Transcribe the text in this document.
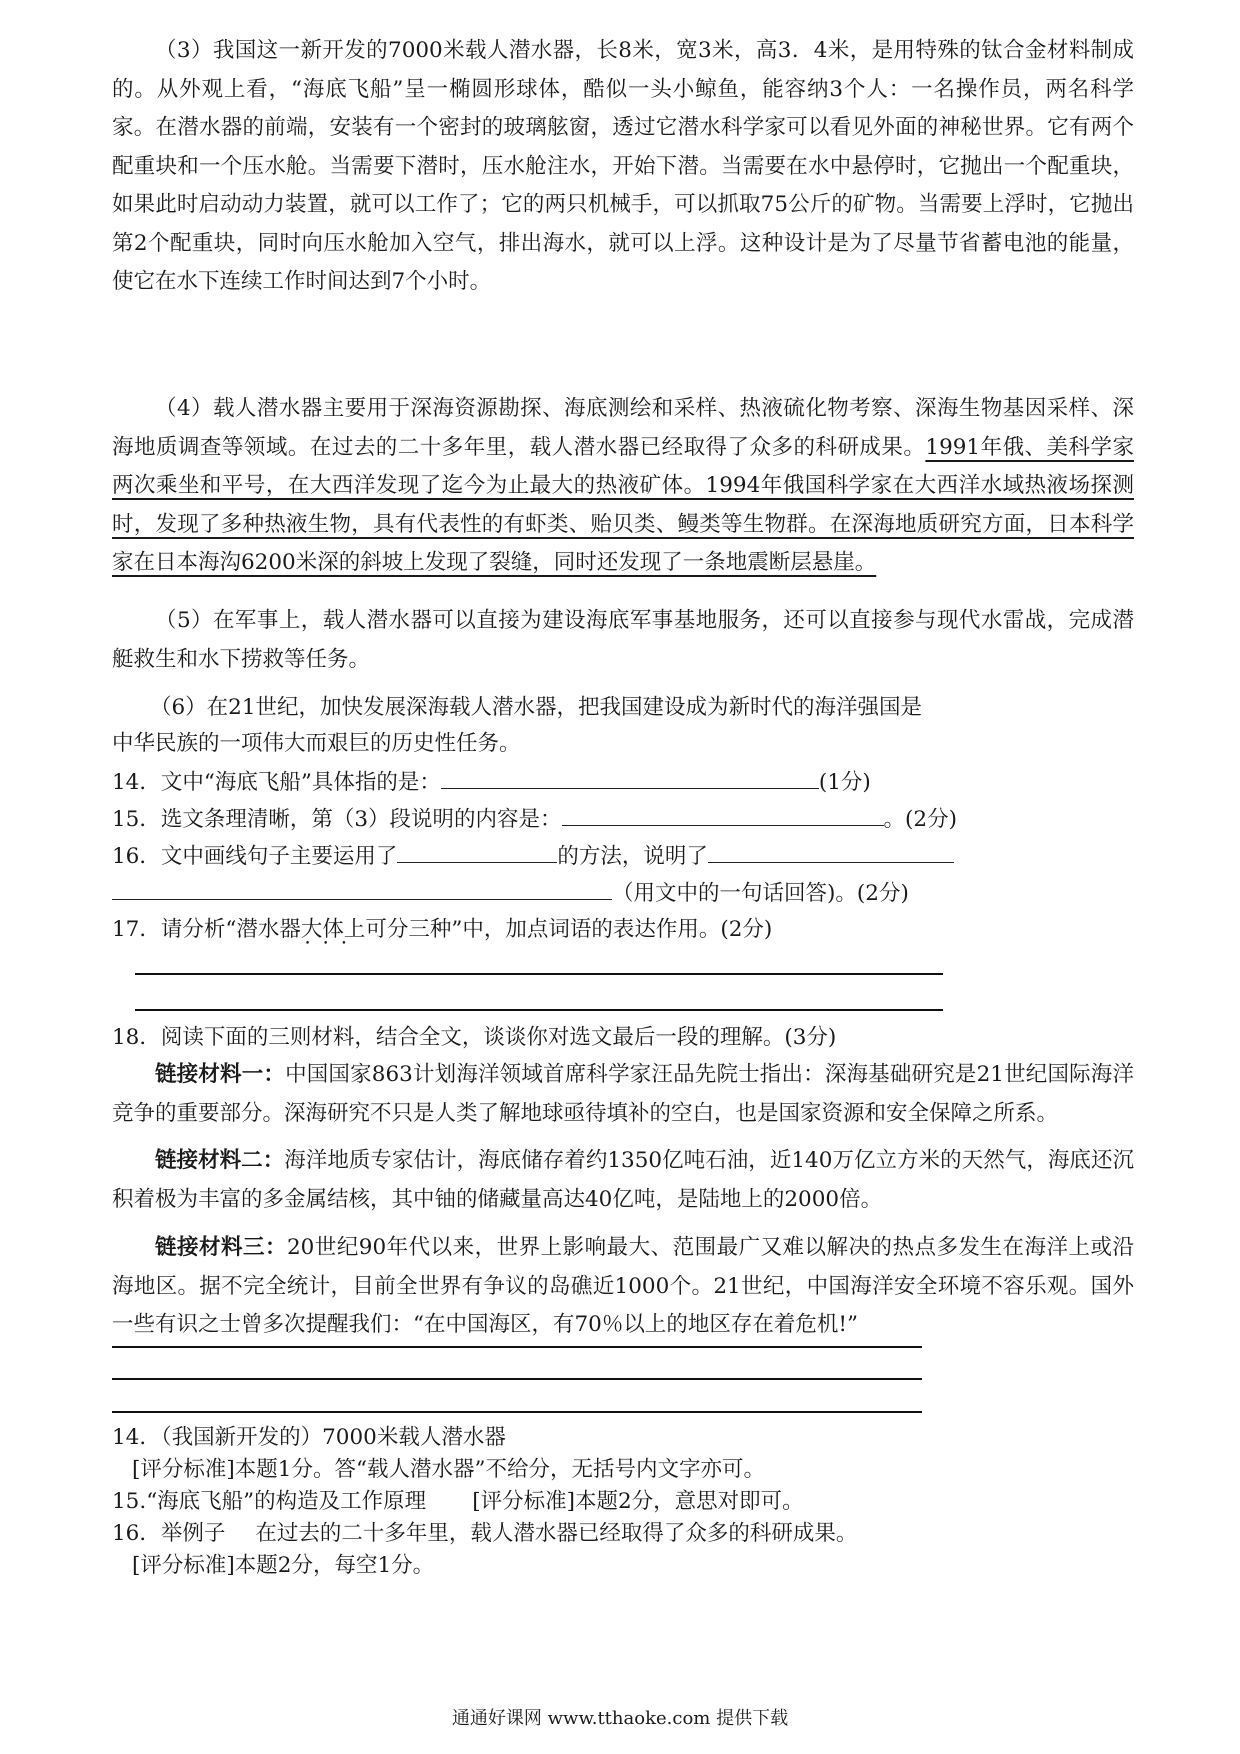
（3）我国这一新开发的7000米载人潜水器，长8米，宽3米，高3．4米，是用特殊的钛合金材料制成的。从外观上看，“海底飞船”呈一椭圆形球体，酷似一头小鲸鱼，能容纳3个人：一名操作员，两名科学家。在潜水器的前端，安装有一个密封的玻璃舷窗，透过它潜水科学家可以看见外面的神秘世界。它有两个配重块和一个压水舱。当需要下潜时，压水舱注水，开始下潜。当需要在水中悬停时，它抛出一个配重块，如果此时启动动力装置，就可以工作了；它的两只机械手，可以抓取75公斤的矿物。当需要上浮时，它抛出第2个配重块，同时向压水舱加入空气，排出海水，就可以上浮。这种设计是为了尽量节省蓄电池的能量，使它在水下连续工作时间达到7个小时。

（4）载人潜水器主要用于深海资源勘探、海底测绘和采样、热液硫化物考察、深海生物基因采样、深海地质调查等领域。在过去的二十多年里，载人潜水器已经取得了众多的科研成果。1991年俄、美科学家两次乘坐和平号，在大西洋发现了迄今为止最大的热液矿体。1994年俄国科学家在大西洋水域热液场探测时，发现了多种热液生物，具有代表性的有虾类、贻贝类、鳗类等生物群。在深海地质研究方面，日本科学家在日本海沟6200米深的斜坡上发现了裂缝，同时还发现了一条地震断层悬崖。

（5）在军事上，载人潜水器可以直接为建设海底军事基地服务，还可以直接参与现代水雷战，完成潜艇救生和水下捞救等任务。

（6）在21世纪，加快发展深海载人潜水器，把我国建设成为新时代的海洋强国是
中华民族的一项伟大而艰巨的历史性任务。
14．文中“海底飞船”具体指的是：	(1分)
15．选文条理清晰，第（3）段说明的内容是：	。(2分)
16．文中画线句子主要运用了	的方法，说明了
（用文中的一句话回答)。(2分)
17．请分析“潜水器大体上 • • •可分三种”中，加点词语的表达作用。(2分)
18．阅读下面的三则材料，结合全文，谈谈你对选文最后一段的理解。(3分)

链接材料一：中国国家863计划海洋领域首席科学家汪品先院士指出：深海基础研究是21世纪国际海洋竞争的重要部分。深海研究不只是人类了解地球亟待填补的空白，也是国家资源和安全保障之所系。

链接材料二：海洋地质专家估计，海底储存着约1350亿吨石油，近140万亿立方米的天然气，海底还沉积着极为丰富的多金属结核，其中铀的储藏量高达40亿吨，是陆地上的2000倍。

链接材料三：20世纪90年代以来，世界上影响最大、范围最广又难以解决的热点多发生在海洋上或沿海地区。据不完全统计，目前全世界有争议的岛礁近1000个。21世纪，中国海洋安全环境不容乐观。国外一些有识之士曾多次提醒我们：“在中国海区，有70％以上的地区存在着危机!”

14．（我国新开发的）7000米载人潜水器
[评分标准]本题1分。答“载人潜水器”不给分，无括号内文字亦可。
15.“海底飞船”的构造及工作原理 [评分标准]本题2分，意思对即可。
16．举例子 在过去的二十多年里，载人潜水器已经取得了众多的科研成果。
[评分标准]本题2分，每空1分。
通通好课网 www.tthaoke.com 提供下载
